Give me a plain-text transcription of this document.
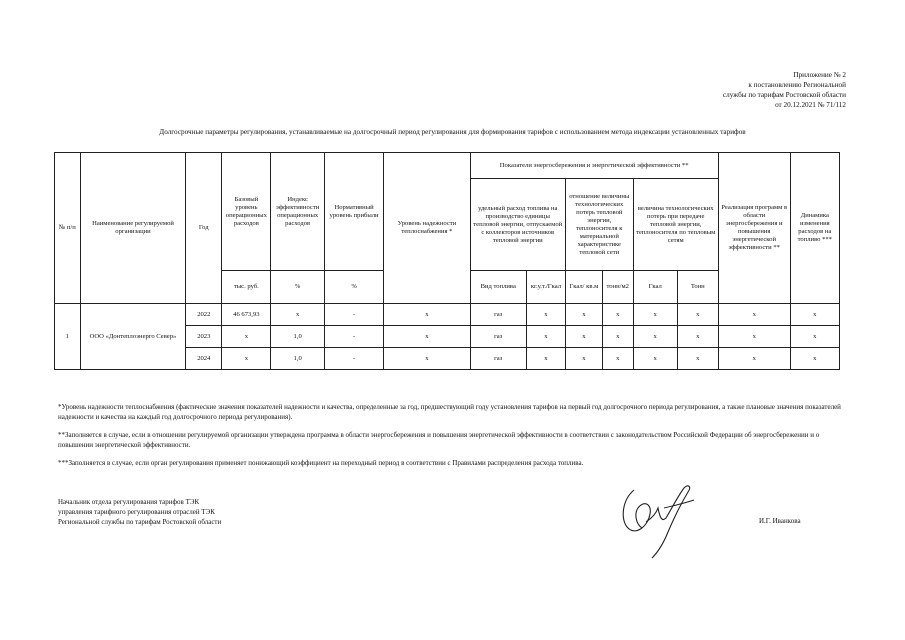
Приложение № 2
к постановлению Региональной
службы по тарифам Ростовской области
от 20.12.2021 № 71/112
Долгосрочные параметры регулирования, устанавливаемые на долгосрочный период регулирования для формирования тарифов с использованием метода индексации установленных тарифов
№ п/п	Наименование регулируемой организации	Год	Базовый уровень операционных расходов	Индекс эффективности операционных расходов	Нормативный уровень прибыли	Уровень надежности теплоснабжения *	Показатели энергосбережения и энергетической эффективности **						Реализация программ в области энергосбережения и повышения энергетической эффективности **	Динамика изменения расходов на топливо ***
							удельный расход топлива на производство единицы тепловой энергии, отпускаемой с коллекторов источников тепловой энергии		отношение величины технологических потерь тепловой энергии, теплоносителя к материальной характеристике тепловой сети		величина технологических потерь при передаче тепловой энергии, теплоносителя по тепловым сетям			
			тыс. руб.	%	%		Вид топлива	кг.у.т./Гкал	Гкал/ кв.м	тонн/м2	Гкал	Тонн		
1	ООО «Донтеплоэнерго Север»	2022	46 673,93	х	-	х	газ	х	х	х	х	х	х	х
		2023	х	1,0	-	х	газ	х	х	х	х	х	х	х
		2024	х	1,0	-	х	газ	х	х	х	х	х	х	х

*Уровень надежности теплоснабжения (фактические значения показателей надежности и качества, определенные за год, предшествующий году установления тарифов на первый год долгосрочного периода регулирования, а также плановые значения показателей надежности и качества на каждый год долгосрочного периода регулирования).

**Заполняется в случае, если в отношении регулируемой организации утверждена программа в области энергосбережения и повышения энергетической эффективности в соответствии с законодательством Российской Федерации об энергосбережении и о повышении энергетической эффективности.

***Заполняется в случае, если орган регулирования применяет понижающий коэффициент на переходный период в соответствии с Правилами распределения расхода топлива.

Начальник отдела регулирования тарифов ТЭК
управления тарифного регулирования отраслей ТЭК
Региональной службы по тарифам Ростовской области	И.Г. Иванкова
